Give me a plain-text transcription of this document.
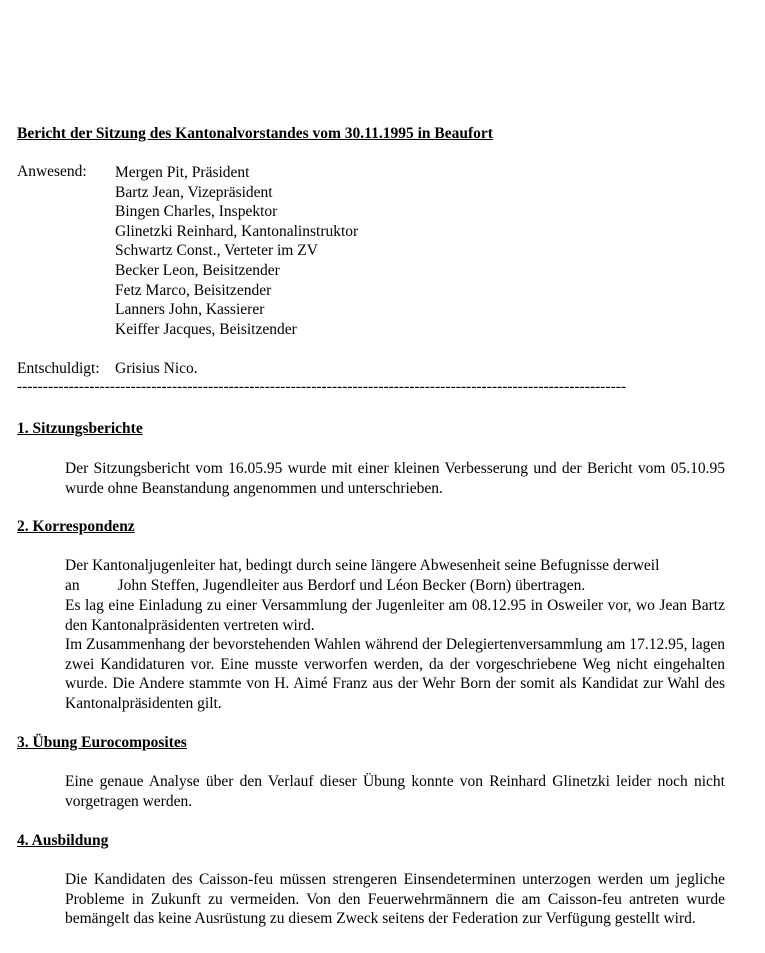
Bericht der Sitzung des Kantonalvorstandes vom 30.11.1995 in Beaufort
Anwesend: Mergen Pit, Präsident
Bartz Jean, Vizepräsident
Bingen Charles, Inspektor
Glinetzki Reinhard, Kantonalinstruktor
Schwartz Const., Verteter im ZV
Becker Leon, Beisitzender
Fetz Marco, Beisitzender
Lanners John, Kassierer
Keiffer Jacques, Beisitzender
Entschuldigt: Grisius Nico.
----------------------------------------------------------------------------------------------------------------------
1. Sitzungsberichte
Der Sitzungsbericht vom 16.05.95 wurde mit einer kleinen Verbesserung und der Bericht vom 05.10.95 wurde ohne Beanstandung angenommen und unterschrieben.
2. Korrespondenz
Der Kantonaljugenleiter hat, bedingt durch seine längere Abwesenheit seine Befugnisse derweil
an John Steffen, Jugendleiter aus Berdorf und Léon Becker (Born) übertragen.
Es lag eine Einladung zu einer Versammlung der Jugenleiter am 08.12.95 in Osweiler vor, wo Jean Bartz den Kantonalpräsidenten vertreten wird.
Im Zusammenhang der bevorstehenden Wahlen während der Delegiertenversammlung am 17.12.95, lagen zwei Kandidaturen vor. Eine musste verworfen werden, da der vorgeschriebene Weg nicht eingehalten wurde. Die Andere stammte von H. Aimé Franz aus der Wehr Born der somit als Kandidat zur Wahl des Kantonalpräsidenten gilt.
3. Übung Eurocomposites
Eine genaue Analyse über den Verlauf dieser Übung konnte von Reinhard Glinetzki leider noch nicht vorgetragen werden.
4. Ausbildung
Die Kandidaten des Caisson-feu müssen strengeren Einsendeterminen unterzogen werden um jegliche Probleme in Zukunft zu vermeiden. Von den Feuerwehrmännern die am Caisson-feu antreten wurde bemängelt das keine Ausrüstung zu diesem Zweck seitens der Federation zur Verfügung gestellt wird.
